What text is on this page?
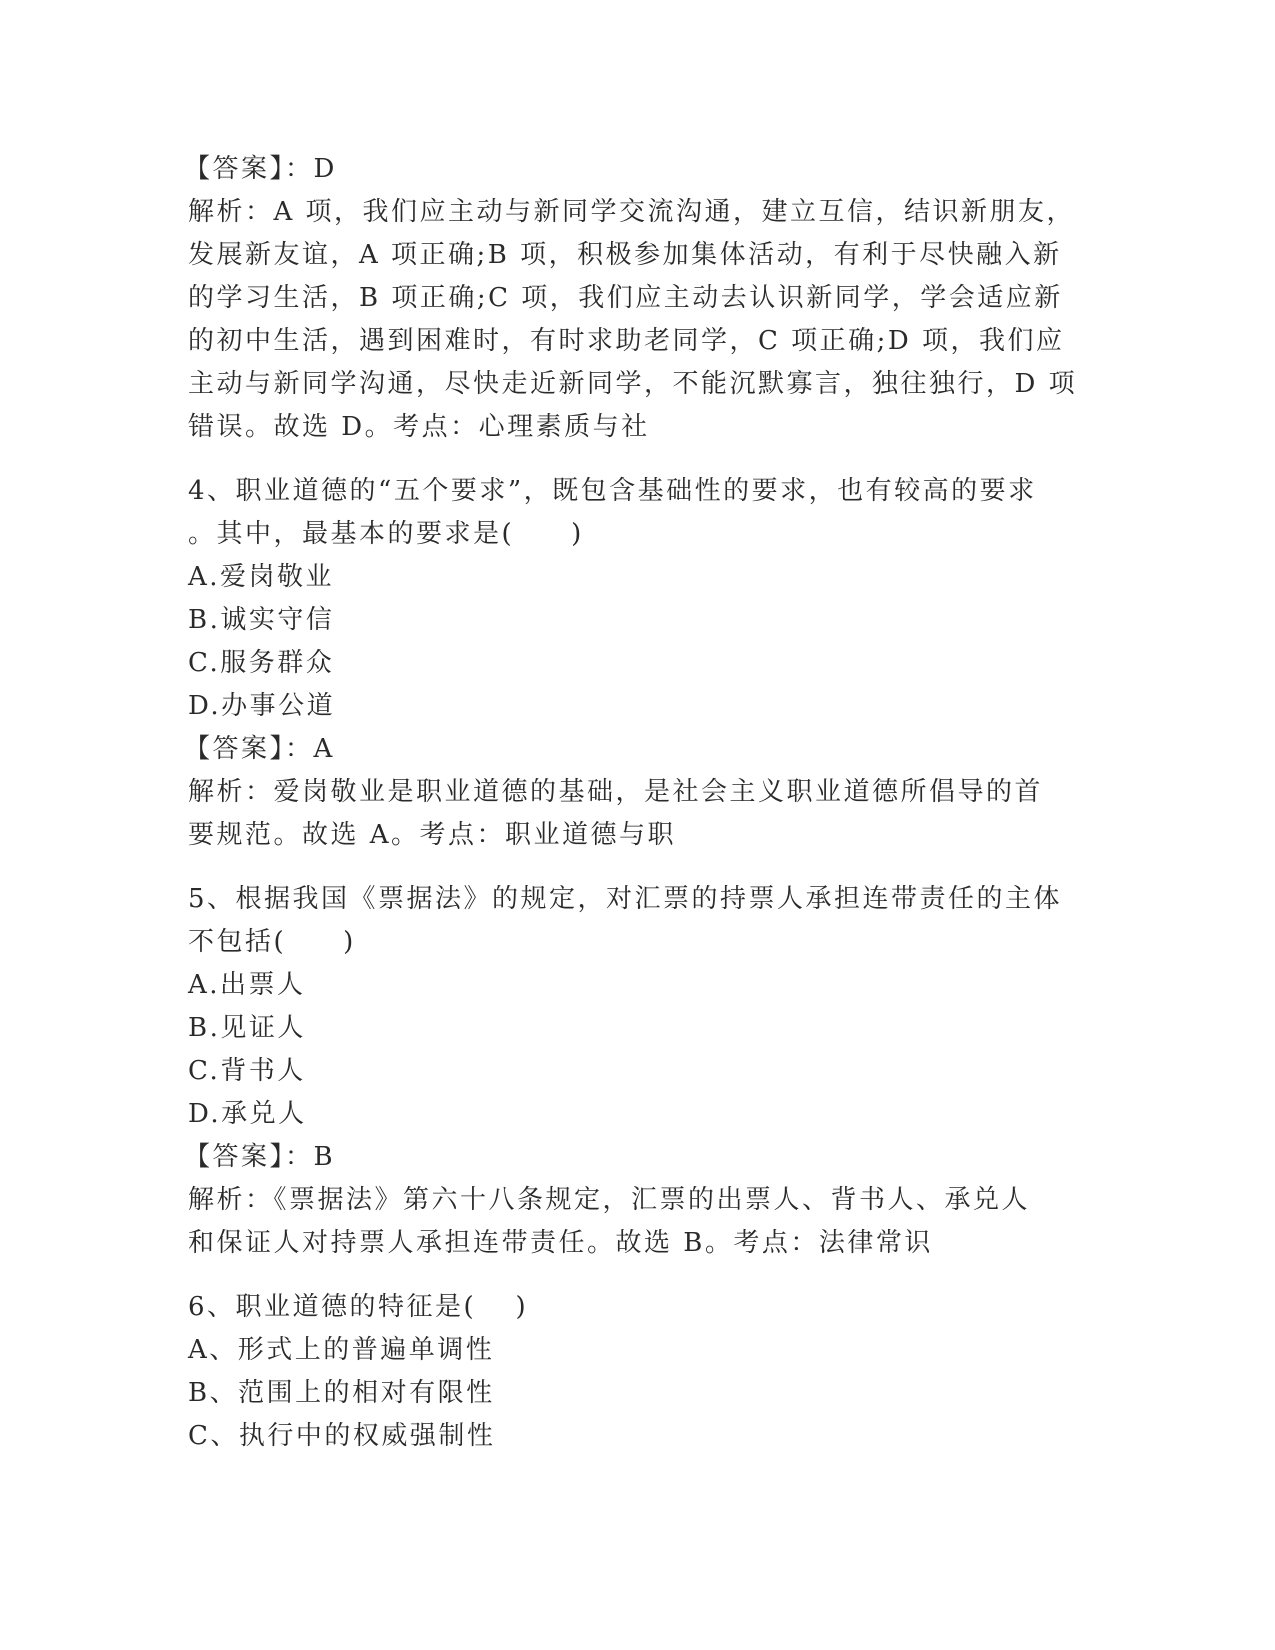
【答案】：D
解析：A 项，我们应主动与新同学交流沟通，建立互信，结识新朋友，
发展新友谊，A 项正确;B 项，积极参加集体活动，有利于尽快融入新
的学习生活，B 项正确;C 项，我们应主动去认识新同学，学会适应新
的初中生活，遇到困难时，有时求助老同学，C 项正确;D 项，我们应
主动与新同学沟通，尽快走近新同学，不能沉默寡言，独往独行，D 项
错误。故选 D。考点：心理素质与社
4、职业道德的“五个要求”，既包含基础性的要求，也有较高的要求
。其中，最基本的要求是(　　)
A.爱岗敬业
B.诚实守信
C.服务群众
D.办事公道
【答案】：A
解析：爱岗敬业是职业道德的基础，是社会主义职业道德所倡导的首
要规范。故选 A。考点：职业道德与职
5、根据我国《票据法》的规定，对汇票的持票人承担连带责任的主体
不包括(　　)
A.出票人
B.见证人
C.背书人
D.承兑人
【答案】：B
解析：《票据法》第六十八条规定，汇票的出票人、背书人、承兑人
和保证人对持票人承担连带责任。故选 B。考点：法律常识
6、职业道德的特征是(　 )
A、形式上的普遍单调性
B、范围上的相对有限性
C、执行中的权威强制性
